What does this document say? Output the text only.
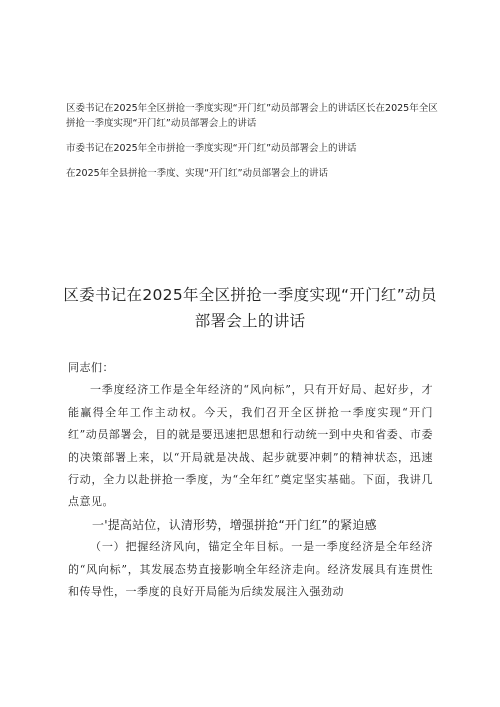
区委书记在2025年全区拼抢一季度实现“开门红”动员部署会上的讲话区长在2025年全区拼抢一季度实现“开门红”动员部署会上的讲话
市委书记在2025年全市拼抢一季度实现“开门红”动员部署会上的讲话
在2025年全县拼抢一季度、实现“开门红”动员部署会上的讲话
区委书记在2025年全区拼抢一季度实现“开门红”动员部署会上的讲话

同志们：

一季度经济工作是全年经济的“风向标”，只有开好局、起好步，才能赢得全年工作主动权。今天，我们召开全区拼抢一季度实现“开门红”动员部署会，目的就是要迅速把思想和行动统一到中央和省委、市委的决策部署上来，以“开局就是决战、起步就要冲刺”的精神状态，迅速行动，全力以赴拼抢一季度，为“全年红”奠定坚实基础。下面，我讲几点意见。

一'提高站位，认清形势，增强拼抢“开门红”的紧迫感

（一）把握经济风向，锚定全年目标。一是一季度经济是全年经济的“风向标”，其发展态势直接影响全年经济走向。经济发展具有连贯性和传导性，一季度的良好开局能为后续发展注入强劲动
